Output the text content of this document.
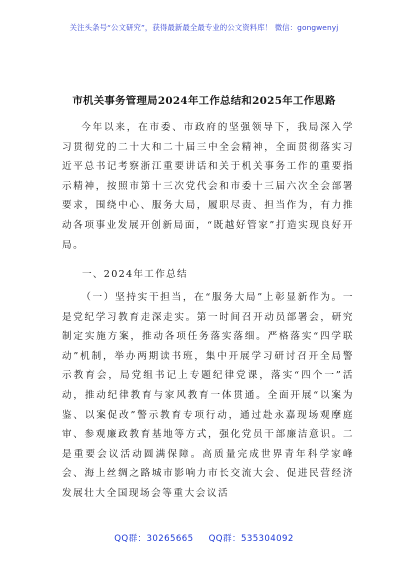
关注头条号“公文研究”，获得最新最全最专业的公文资料库！ 微信：gongwenyj
市机关事务管理局2024年工作总结和2025年工作思路

今年以来，在市委、市政府的坚强领导下，我局深入学习贯彻党的二十大和二十届三中全会精神，全面贯彻落实习近平总书记考察浙江重要讲话和关于机关事务工作的重要指示精神，按照市第十三次党代会和市委十三届六次全会部署要求，围绕中心、服务大局，履职尽责、担当作为，有力推动各项事业发展开创新局面，“既越好管家”打造实现良好开局。

一、2024年工作总结

（一）坚持实干担当，在“服务大局”上彰显新作为。一是党纪学习教育走深走实。第一时间召开动员部署会，研究制定实施方案，推动各项任务落实落细。严格落实“四学联动”机制，举办两期读书班，集中开展学习研讨召开全局警示教育会，局党组书记上专题纪律党课，落实“四个一”活动，推动纪律教育与家风教育一体贯通。全面开展“以案为鉴、以案促改”警示教育专项行动，通过赴永嘉现场观摩庭审、参观廉政教育基地等方式，强化党员干部廉洁意识。二是重要会议活动圆满保障。高质量完成世界青年科学家峰会、海上丝绸之路城市影响力市长交流大会、促进民营经济发展壮大全国现场会等重大会议活

QQ群：30265665 QQ群：535304092
